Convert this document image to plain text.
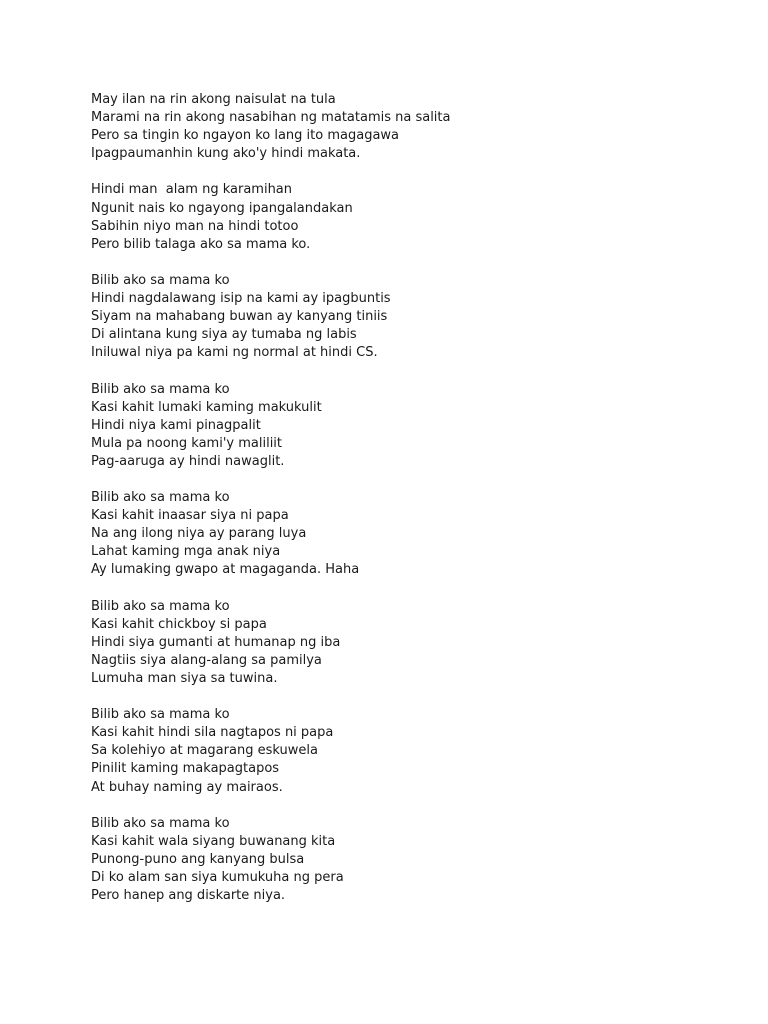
May ilan na rin akong naisulat na tula
Marami na rin akong nasabihan ng matatamis na salita
Pero sa tingin ko ngayon ko lang ito magagawa
Ipagpaumanhin kung ako'y hindi makata.
Hindi man  alam ng karamihan
Ngunit nais ko ngayong ipangalandakan
Sabihin niyo man na hindi totoo
Pero bilib talaga ako sa mama ko.
Bilib ako sa mama ko
Hindi nagdalawang isip na kami ay ipagbuntis
Siyam na mahabang buwan ay kanyang tiniis
Di alintana kung siya ay tumaba ng labis
Iniluwal niya pa kami ng normal at hindi CS.
Bilib ako sa mama ko
Kasi kahit lumaki kaming makukulit
Hindi niya kami pinagpalit
Mula pa noong kami'y maliliit
Pag-aaruga ay hindi nawaglit.
Bilib ako sa mama ko
Kasi kahit inaasar siya ni papa
Na ang ilong niya ay parang luya
Lahat kaming mga anak niya
Ay lumaking gwapo at magaganda. Haha
Bilib ako sa mama ko
Kasi kahit chickboy si papa
Hindi siya gumanti at humanap ng iba
Nagtiis siya alang-alang sa pamilya
Lumuha man siya sa tuwina.
Bilib ako sa mama ko
Kasi kahit hindi sila nagtapos ni papa
Sa kolehiyo at magarang eskuwela
Pinilit kaming makapagtapos
At buhay naming ay mairaos.
Bilib ako sa mama ko
Kasi kahit wala siyang buwanang kita
Punong-puno ang kanyang bulsa
Di ko alam san siya kumukuha ng pera
Pero hanep ang diskarte niya.
